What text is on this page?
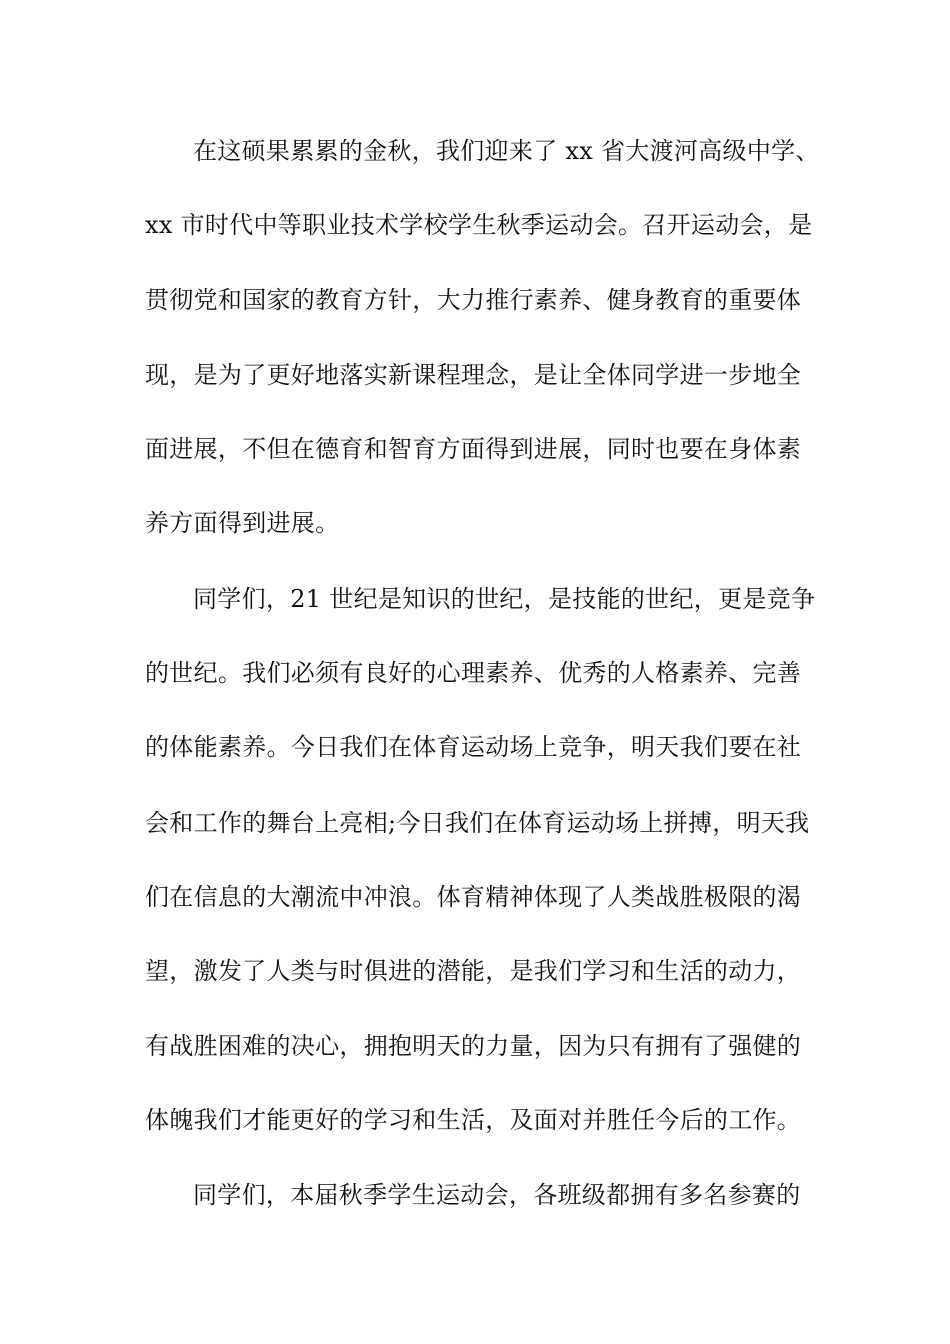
在这硕果累累的金秋，我们迎来了 xx 省大渡河高级中学、

xx 市时代中等职业技术学校学生秋季运动会。召开运动会，是

贯彻党和国家的教育方针，大力推行素养、健身教育的重要体

现，是为了更好地落实新课程理念，是让全体同学进一步地全

面进展，不但在德育和智育方面得到进展，同时也要在身体素

养方面得到进展。

同学们，21 世纪是知识的世纪，是技能的世纪，更是竞争

的世纪。我们必须有良好的心理素养、优秀的人格素养、完善

的体能素养。今日我们在体育运动场上竞争，明天我们要在社

会和工作的舞台上亮相;今日我们在体育运动场上拼搏，明天我

们在信息的大潮流中冲浪。体育精神体现了人类战胜极限的渴

望，激发了人类与时俱进的潜能，是我们学习和生活的动力，

有战胜困难的决心，拥抱明天的力量，因为只有拥有了强健的

体魄我们才能更好的学习和生活，及面对并胜任今后的工作。

同学们，本届秋季学生运动会，各班级都拥有多名参赛的
